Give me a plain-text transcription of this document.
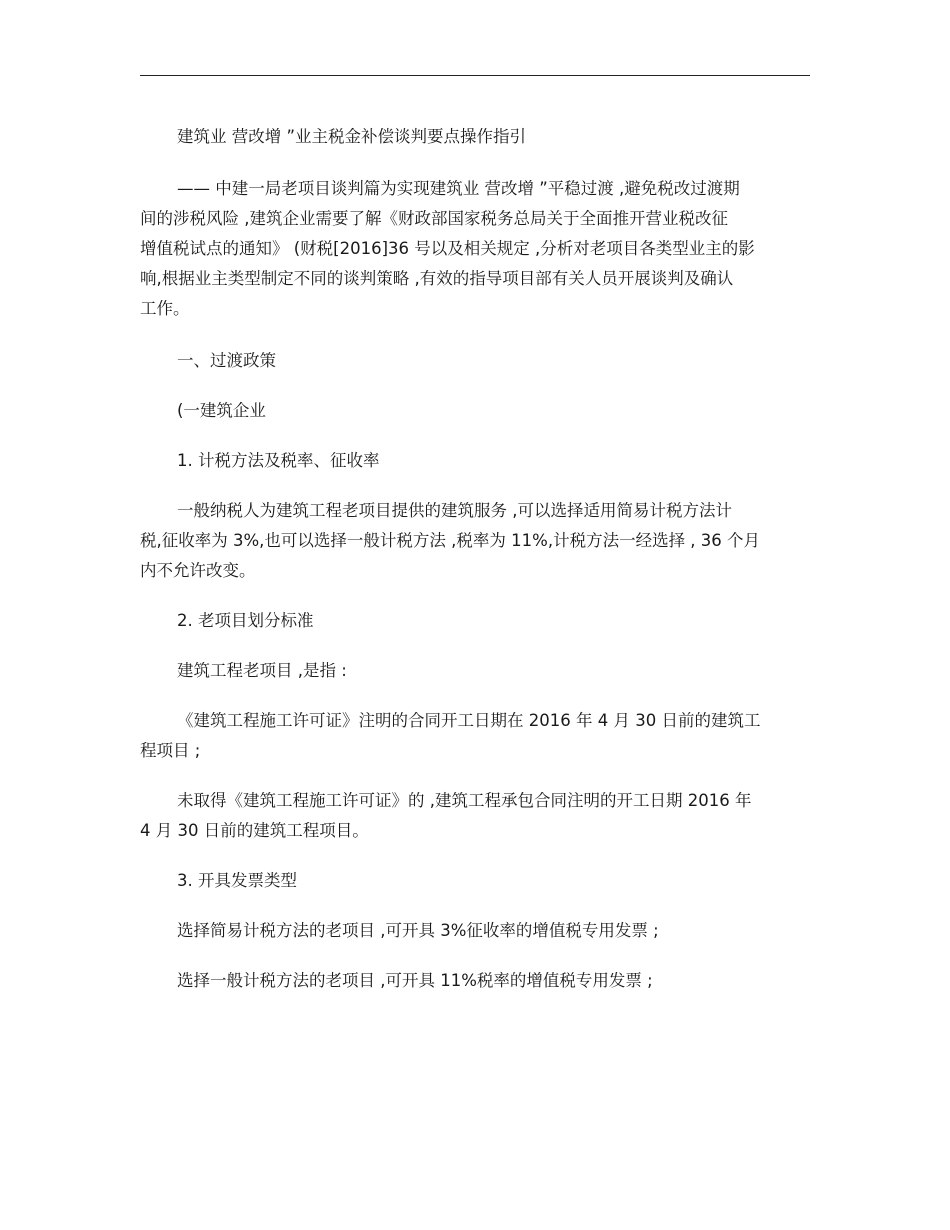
建筑业 营改增 ”业主税金补偿谈判要点操作指引

—— 中建一局老项目谈判篇为实现建筑业 营改增 ”平稳过渡 ,避免税改过渡期
间的涉税风险 ,建筑企业需要了解《财政部国家税务总局关于全面推开营业税改征
增值税试点的通知》 (财税[2016]36 号以及相关规定 ,分析对老项目各类型业主的影
响,根据业主类型制定不同的谈判策略 ,有效的指导项目部有关人员开展谈判及确认
工作。

一、过渡政策

(一建筑企业

1. 计税方法及税率、征收率

一般纳税人为建筑工程老项目提供的建筑服务 ,可以选择适用简易计税方法计
税,征收率为 3%,也可以选择一般计税方法 ,税率为 11%,计税方法一经选择 , 36 个月
内不允许改变。

2. 老项目划分标准

建筑工程老项目 ,是指 :

《建筑工程施工许可证》注明的合同开工日期在 2016 年 4 月 30 日前的建筑工
程项目 ;

未取得《建筑工程施工许可证》的 ,建筑工程承包合同注明的开工日期 2016 年
4 月 30 日前的建筑工程项目。

3. 开具发票类型

选择简易计税方法的老项目 ,可开具 3%征收率的增值税专用发票 ;

选择一般计税方法的老项目 ,可开具 11%税率的增值税专用发票 ;
